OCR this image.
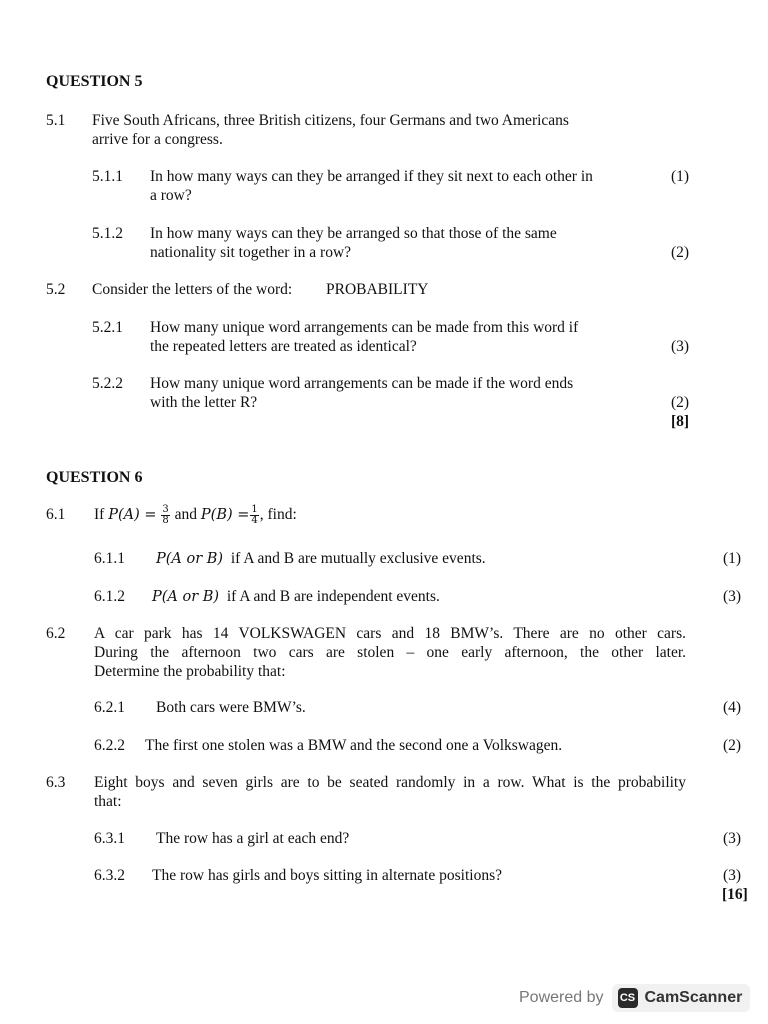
QUESTION 5
5.1 Five South Africans, three British citizens, four Germans and two Americans
arrive for a congress.
5.1.1 In how many ways can they be arranged if they sit next to each other in
a row?
(1)
5.1.2 In how many ways can they be arranged so that those of the same
nationality sit together in a row?	(2)
5.2 Consider the letters of the word: PROBABILITY
5.2.1 How many unique word arrangements can be made from this word if
the repeated letters are treated as identical?	(3)
5.2.2 How many unique word arrangements can be made if the word ends
with the letter R?	(2)
[8]
QUESTION 6
6.1 If $P(A) = \frac{3}{8}$ and $P(B) = \frac{1}{4}$ , find:
6.1.1 P(A or B) if A and B are mutually exclusive events.	(1)
6.1.2 P(A or B) if A and B are independent events.	(3)
6.2 A car park has 14 VOLKSWAGEN cars and 18 BMW’s. There are no other cars.
During the afternoon two cars are stolen – one early afternoon, the other later.
Determine the probability that:
6.2.1 Both cars were BMW’s.	(4)
6.2.2 The first one stolen was a BMW and the second one a Volkswagen.	(2)
6.3 Eight boys and seven girls are to be seated randomly in a row. What is the probability
that:
6.3.1 The row has a girl at each end?	(3)
6.3.2 The row has girls and boys sitting in alternate positions?	(3)
[16]
Powered by CS CamScanner
